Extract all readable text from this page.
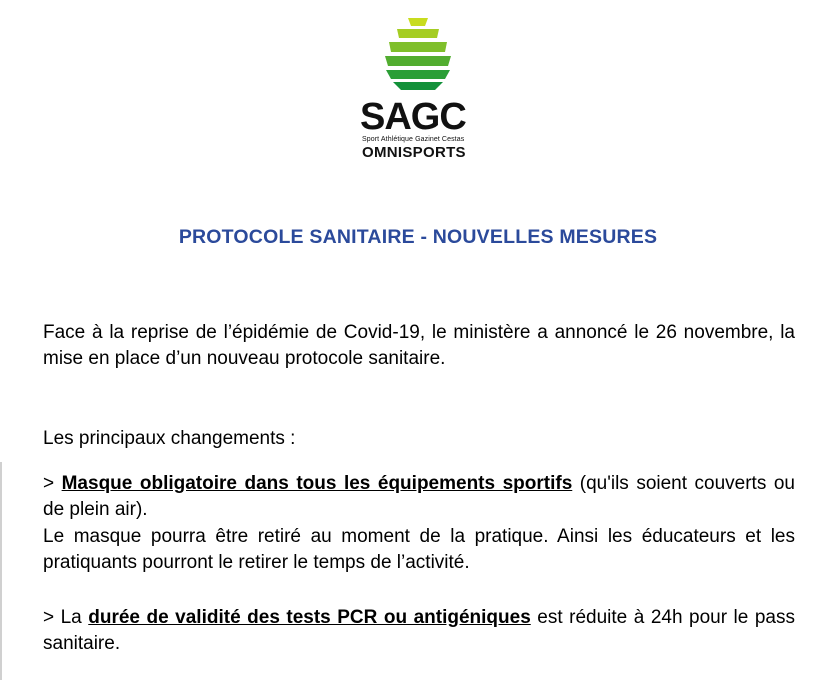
SAGC
Sport Athlétique Gazinet Cestas
OMNISPORTS
PROTOCOLE SANITAIRE - NOUVELLES MESURES
Face à la reprise de l’épidémie de Covid-19, le ministère a annoncé le 26 novembre, la mise en place d’un nouveau protocole sanitaire.
Les principaux changements :
> Masque obligatoire dans tous les équipements sportifs (qu'ils soient couverts ou de plein air).
Le masque pourra être retiré au moment de la pratique. Ainsi les éducateurs et les pratiquants pourront le retirer le temps de l’activité.
> La durée de validité des tests PCR ou antigéniques est réduite à 24h pour le pass sanitaire.
